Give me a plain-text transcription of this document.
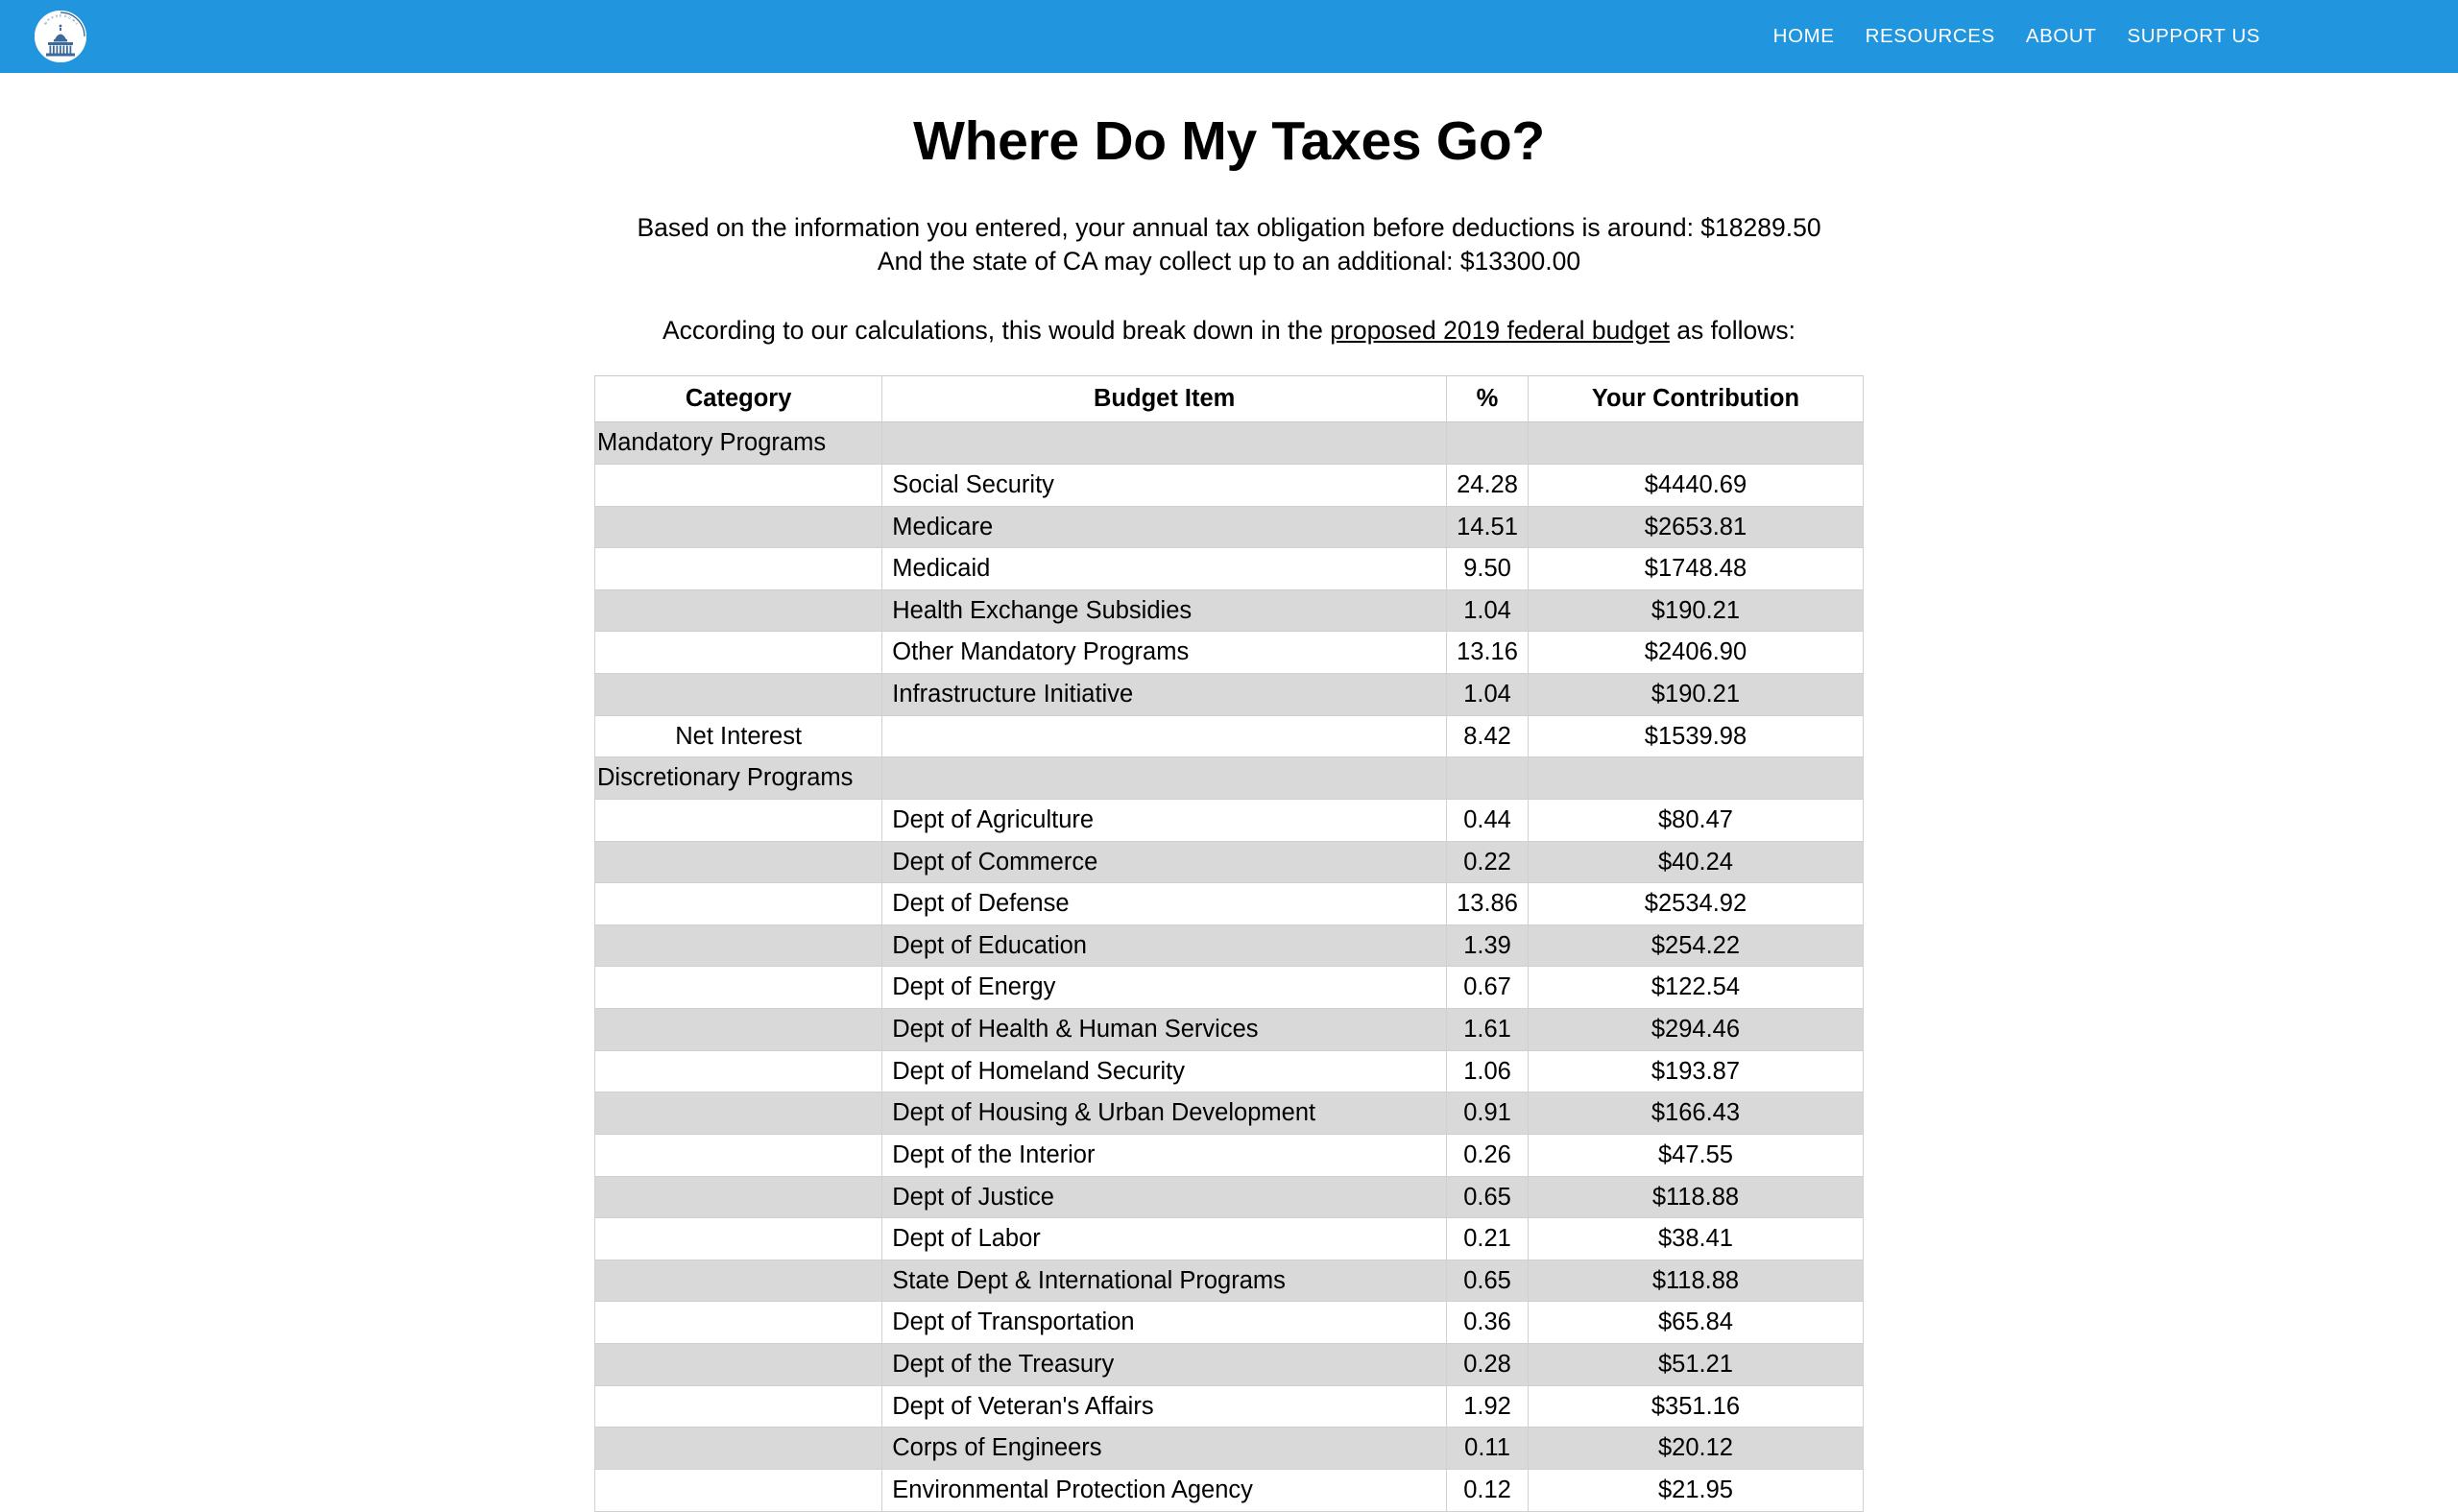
W
H
E R E D O
M
Y
HOME	RESOURCES	ABOUT	SUPPORT US
Where Do My Taxes Go?
Based on the information you entered, your annual tax obligation before deductions is around: $18289.50
And the state of CA may collect up to an additional: $13300.00
According to our calculations, this would break down in the proposed 2019 federal budget as follows:
Category	Budget Item	%	Your Contribution
Mandatory Programs			
	Social Security	24.28	$4440.69
	Medicare	14.51	$2653.81
	Medicaid	9.50	$1748.48
	Health Exchange Subsidies	1.04	$190.21
	Other Mandatory Programs	13.16	$2406.90
	Infrastructure Initiative	1.04	$190.21
Net Interest		8.42	$1539.98
Discretionary Programs			
	Dept of Agriculture	0.44	$80.47
	Dept of Commerce	0.22	$40.24
	Dept of Defense	13.86	$2534.92
	Dept of Education	1.39	$254.22
	Dept of Energy	0.67	$122.54
	Dept of Health & Human Services	1.61	$294.46
	Dept of Homeland Security	1.06	$193.87
	Dept of Housing & Urban Development	0.91	$166.43
	Dept of the Interior	0.26	$47.55
	Dept of Justice	0.65	$118.88
	Dept of Labor	0.21	$38.41
	State Dept & International Programs	0.65	$118.88
	Dept of Transportation	0.36	$65.84
	Dept of the Treasury	0.28	$51.21
	Dept of Veteran's Affairs	1.92	$351.16
	Corps of Engineers	0.11	$20.12
	Environmental Protection Agency	0.12	$21.95
